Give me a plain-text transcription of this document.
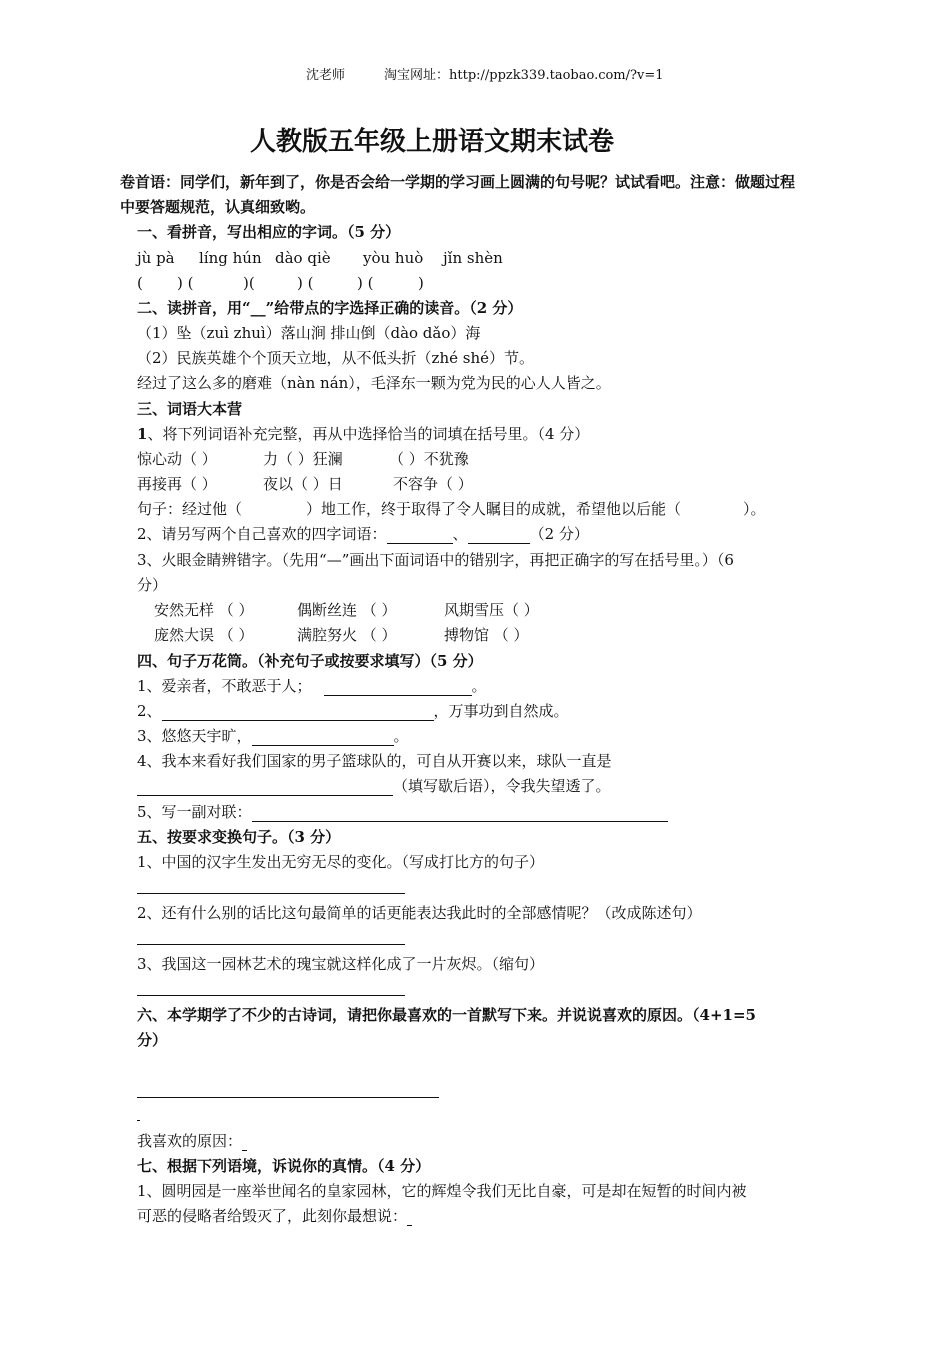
沈老师	淘宝网址：http://ppzk339.taobao.com/?v=1
人教版五年级上册语文期末试卷
卷首语：同学们，新年到了，你是否会给一学期的学习画上圆满的句号呢？试试看吧。注意：做题过程
中要答题规范，认真细致哟。
一、看拼音，写出相应的字词。（5 分）
jù pà líng hún dào qiè yòu huò jǐn shèn
( ) (	)(	) (	) (	)
二、读拼音，用“__”给带点的字选择正确的读音。（2 分）
（1）坠（zuì zhuì）落山涧 排山倒（dào dǎo）海
（2）民族英雄个个顶天立地，从不低头折（zhé shé）节。
经过了这么多的磨难（nàn nán），毛泽东一颗为党为民的心人人皆之。
三、词语大本营
1、将下列词语补充完整，再从中选择恰当的词填在括号里。（4 分）
惊心动（ ）	力（ ）狂澜	（ ）不犹豫
再接再（ ）	夜以（ ）日	不容争（ ）
句子：经过他（	）地工作，终于取得了令人瞩目的成就，希望他以后能（	）。
2、请另写两个自己喜欢的四字词语：	、	（2 分）
3、火眼金睛辨错字。（先用“—”画出下面词语中的错别字，再把正确字的写在括号里。）（6
分）
安然无样 （ ）	偶断丝连 （ ）	风期雪压（ ）
庞然大误 （ ）	满腔努火 （ ）	搏物馆 （ ）
四、句子万花筒。（补充句子或按要求填写）（5 分）
1、爱亲者，不敢恶于人；	。
2、	，万事功到自然成。
3、悠悠天宇旷，	。
4、我本来看好我们国家的男子篮球队的，可自从开赛以来，球队一直是
（填写歇后语），令我失望透了。
5、写一副对联：
五、按要求变换句子。（3 分）
1、中国的汉字生发出无穷无尽的变化。（写成打比方的句子）
2、还有什么别的话比这句最简单的话更能表达我此时的全部感情呢？（改成陈述句）
3、我国这一园林艺术的瑰宝就这样化成了一片灰烬。（缩句）
六、本学期学了不少的古诗词，请把你最喜欢的一首默写下来。并说说喜欢的原因。（4+1=5
分）
我喜欢的原因：
七、根据下列语境，诉说你的真情。（4 分）
1、圆明园是一座举世闻名的皇家园林，它的辉煌令我们无比自豪，可是却在短暂的时间内被
可恶的侵略者给毁灭了，此刻你最想说：
